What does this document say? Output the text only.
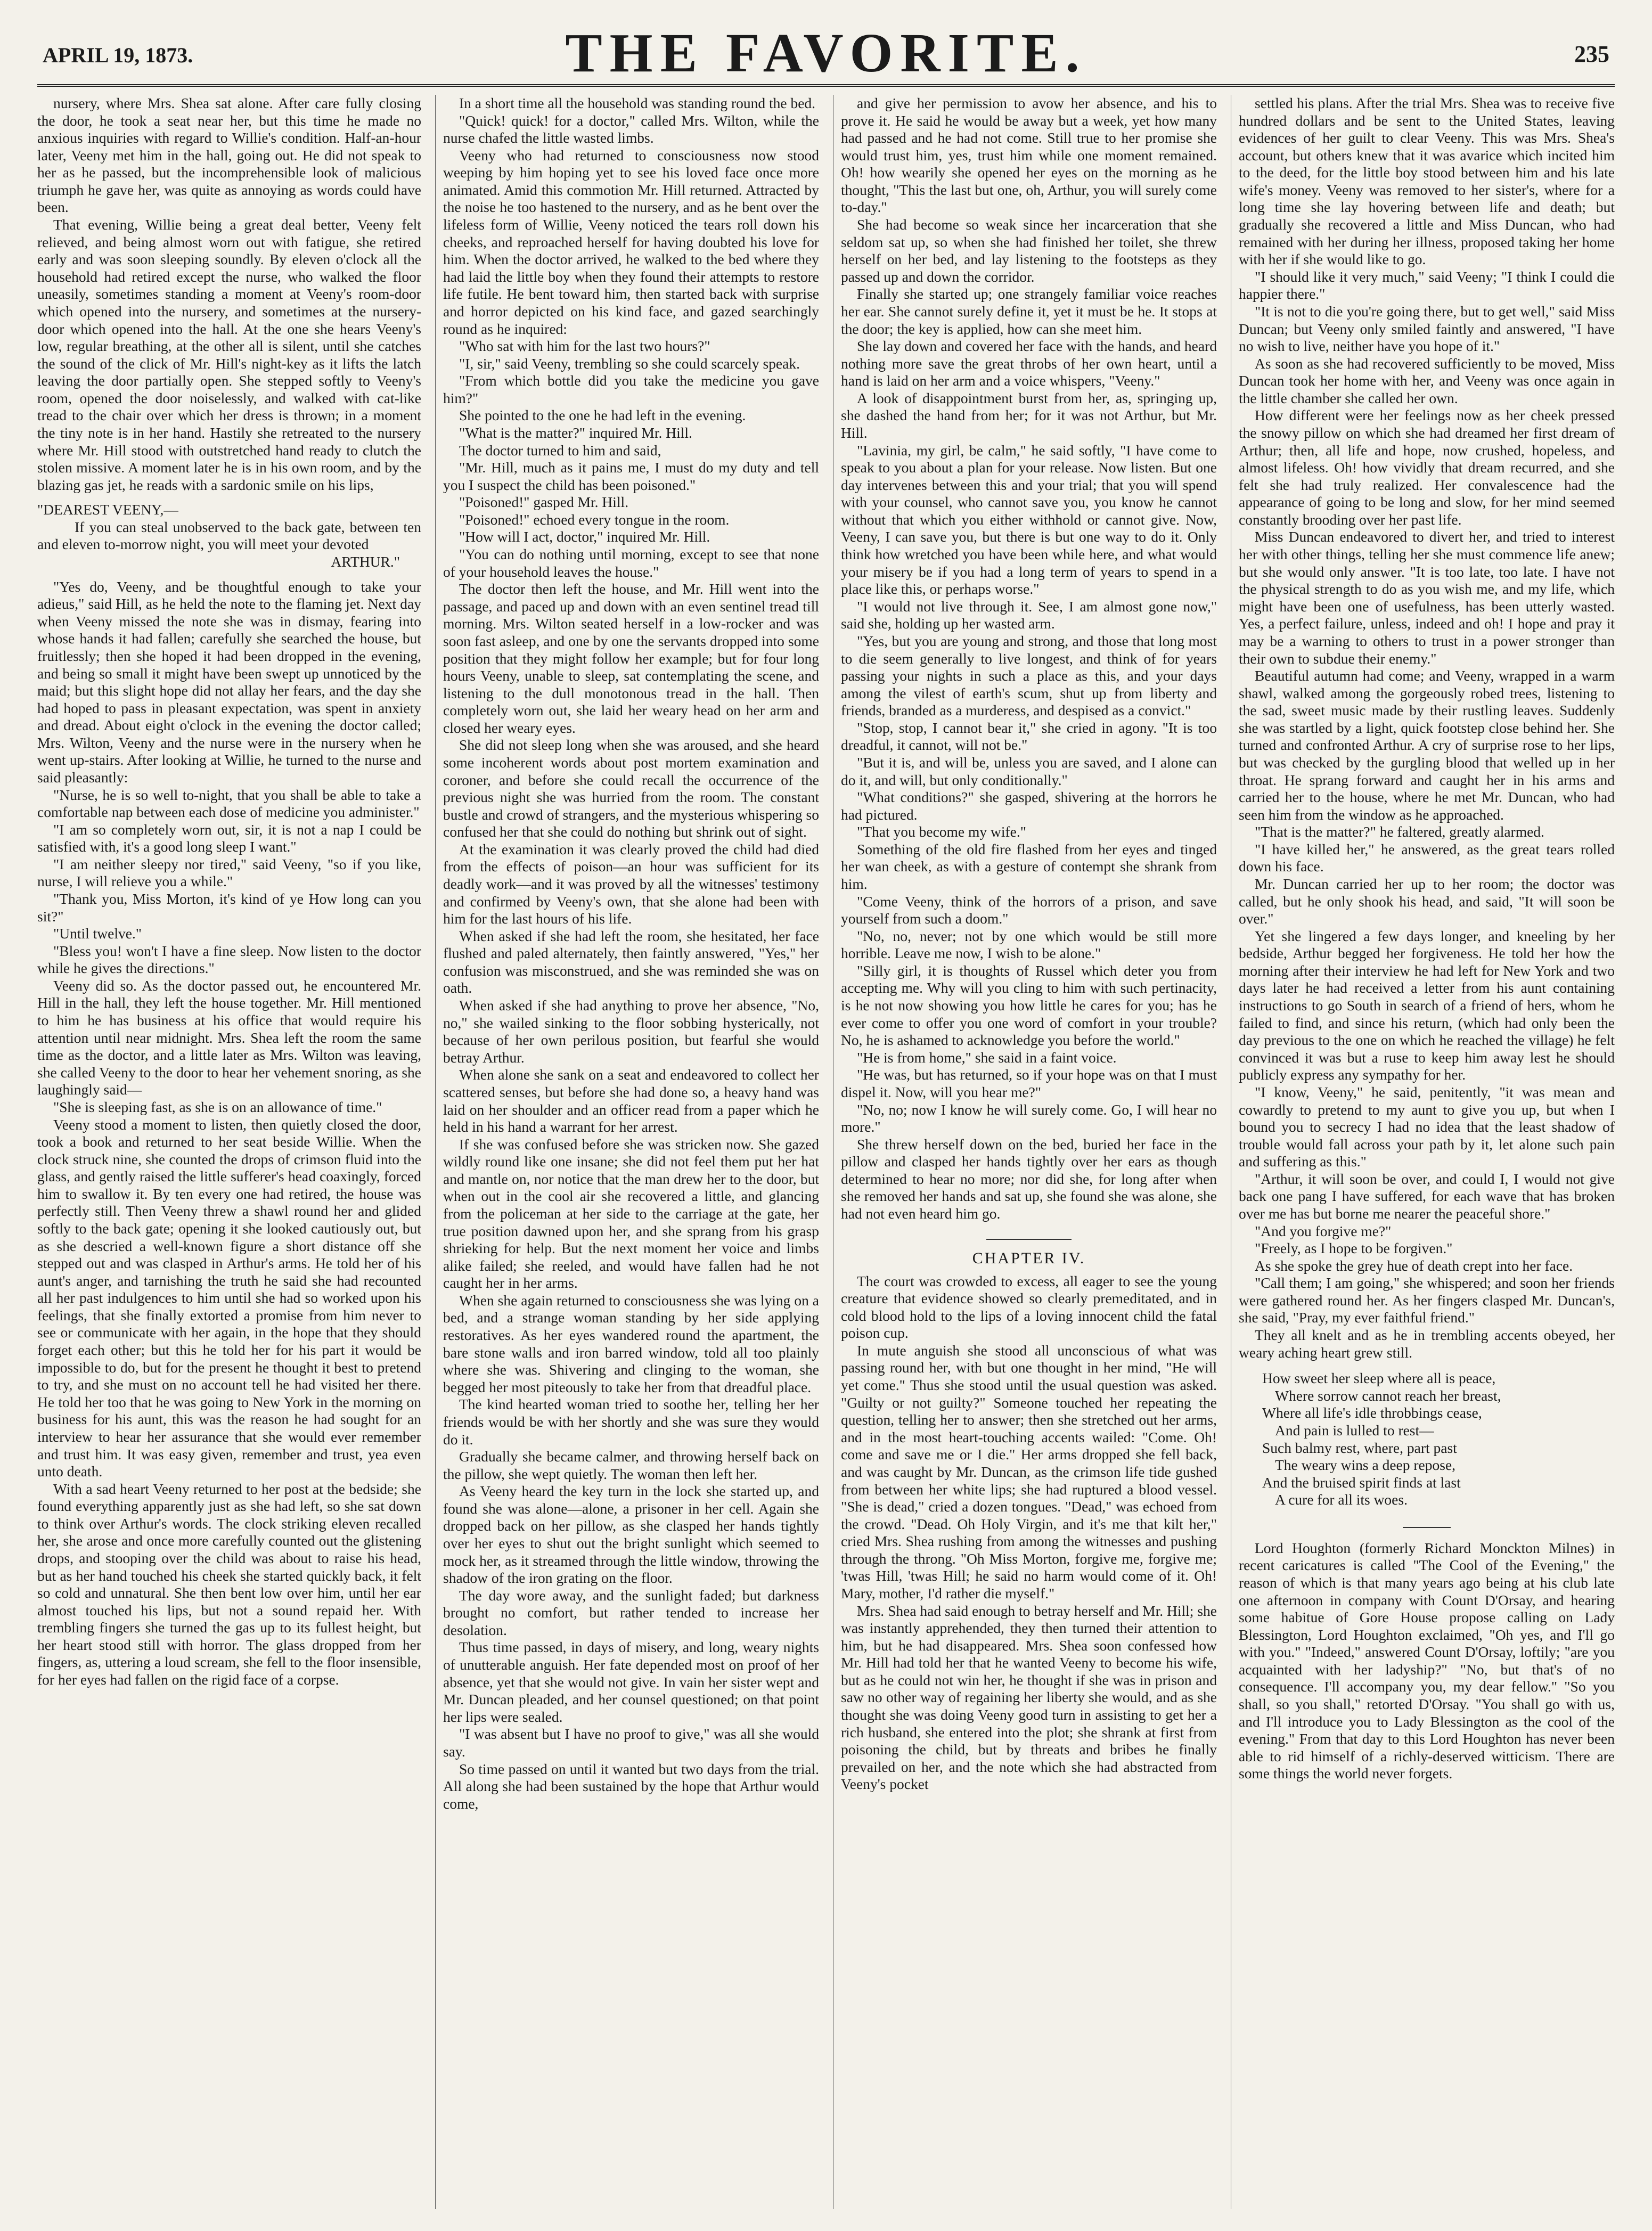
APRIL 19, 1873.	THE FAVORITE.	235

nursery, where Mrs. Shea sat alone. After care fully closing the door, he took a seat near her, but this time he made no anxious inquiries with regard to Willie's condition. Half-an-hour later, Veeny met him in the hall, going out. He did not speak to her as he passed, but the incomprehensible look of malicious triumph he gave her, was quite as annoying as words could have been.

That evening, Willie being a great deal better, Veeny felt relieved, and being almost worn out with fatigue, she retired early and was soon sleeping soundly. By eleven o'clock all the household had retired except the nurse, who walked the floor uneasily, sometimes standing a moment at Veeny's room-door which opened into the nursery, and sometimes at the nursery-door which opened into the hall. At the one she hears Veeny's low, regular breathing, at the other all is silent, until she catches the sound of the click of Mr. Hill's night-key as it lifts the latch leaving the door partially open. She stepped softly to Veeny's room, opened the door noiselessly, and walked with cat-like tread to the chair over which her dress is thrown; in a moment the tiny note is in her hand. Hastily she retreated to the nursery where Mr. Hill stood with outstretched hand ready to clutch the stolen missive. A moment later he is in his own room, and by the blazing gas jet, he reads with a sardonic smile on his lips,

"DEAREST VEENY,—

If you can steal unobserved to the back gate, between ten and eleven to-morrow night, you will meet your devoted

ARTHUR."

"Yes do, Veeny, and be thoughtful enough to take your adieus," said Hill, as he held the note to the flaming jet. Next day when Veeny missed the note she was in dismay, fearing into whose hands it had fallen; carefully she searched the house, but fruitlessly; then she hoped it had been dropped in the evening, and being so small it might have been swept up unnoticed by the maid; but this slight hope did not allay her fears, and the day she had hoped to pass in pleasant expectation, was spent in anxiety and dread. About eight o'clock in the evening the doctor called; Mrs. Wilton, Veeny and the nurse were in the nursery when he went up-stairs. After looking at Willie, he turned to the nurse and said pleasantly:

"Nurse, he is so well to-night, that you shall be able to take a comfortable nap between each dose of medicine you administer."

"I am so completely worn out, sir, it is not a nap I could be satisfied with, it's a good long sleep I want."

"I am neither sleepy nor tired," said Veeny, "so if you like, nurse, I will relieve you a while."

"Thank you, Miss Morton, it's kind of ye How long can you sit?"

"Until twelve."

"Bless you! won't I have a fine sleep. Now listen to the doctor while he gives the directions."

Veeny did so. As the doctor passed out, he encountered Mr. Hill in the hall, they left the house together. Mr. Hill mentioned to him he has business at his office that would require his attention until near midnight. Mrs. Shea left the room the same time as the doctor, and a little later as Mrs. Wilton was leaving, she called Veeny to the door to hear her vehement snoring, as she laughingly said—

"She is sleeping fast, as she is on an allowance of time."

Veeny stood a moment to listen, then quietly closed the door, took a book and returned to her seat beside Willie. When the clock struck nine, she counted the drops of crimson fluid into the glass, and gently raised the little sufferer's head coaxingly, forced him to swallow it. By ten every one had retired, the house was perfectly still. Then Veeny threw a shawl round her and glided softly to the back gate; opening it she looked cautiously out, but as she descried a well-known figure a short distance off she stepped out and was clasped in Arthur's arms. He told her of his aunt's anger, and tarnishing the truth he said she had recounted all her past indulgences to him until she had so worked upon his feelings, that she finally extorted a promise from him never to see or communicate with her again, in the hope that they should forget each other; but this he told her for his part it would be impossible to do, but for the present he thought it best to pretend to try, and she must on no account tell he had visited her there. He told her too that he was going to New York in the morning on business for his aunt, this was the reason he had sought for an interview to hear her assurance that she would ever remember and trust him. It was easy given, remember and trust, yea even unto death.

With a sad heart Veeny returned to her post at the bedside; she found everything apparently just as she had left, so she sat down to think over Arthur's words. The clock striking eleven recalled her, she arose and once more carefully counted out the glistening drops, and stooping over the child was about to raise his head, but as her hand touched his cheek she started quickly back, it felt so cold and unnatural. She then bent low over him, until her ear almost touched his lips, but not a sound repaid her. With trembling fingers she turned the gas up to its fullest height, but her heart stood still with horror. The glass dropped from her fingers, as, uttering a loud scream, she fell to the floor insensible, for her eyes had fallen on the rigid face of a corpse.

In a short time all the household was standing round the bed.

"Quick! quick! for a doctor," called Mrs. Wilton, while the nurse chafed the little wasted limbs.

Veeny who had returned to consciousness now stood weeping by him hoping yet to see his loved face once more animated. Amid this commotion Mr. Hill returned. Attracted by the noise he too hastened to the nursery, and as he bent over the lifeless form of Willie, Veeny noticed the tears roll down his cheeks, and reproached herself for having doubted his love for him. When the doctor arrived, he walked to the bed where they had laid the little boy when they found their attempts to restore life futile. He bent toward him, then started back with surprise and horror depicted on his kind face, and gazed searchingly round as he inquired:

"Who sat with him for the last two hours?"

"I, sir," said Veeny, trembling so she could scarcely speak.

"From which bottle did you take the medicine you gave him?"

She pointed to the one he had left in the evening.

"What is the matter?" inquired Mr. Hill.

The doctor turned to him and said,

"Mr. Hill, much as it pains me, I must do my duty and tell you I suspect the child has been poisoned."

"Poisoned!" gasped Mr. Hill.

"Poisoned!" echoed every tongue in the room.

"How will I act, doctor," inquired Mr. Hill.

"You can do nothing until morning, except to see that none of your household leaves the house."

The doctor then left the house, and Mr. Hill went into the passage, and paced up and down with an even sentinel tread till morning. Mrs. Wilton seated herself in a low-rocker and was soon fast asleep, and one by one the servants dropped into some position that they might follow her example; but for four long hours Veeny, unable to sleep, sat contemplating the scene, and listening to the dull monotonous tread in the hall. Then completely worn out, she laid her weary head on her arm and closed her weary eyes.

She did not sleep long when she was aroused, and she heard some incoherent words about post mortem examination and coroner, and before she could recall the occurrence of the previous night she was hurried from the room. The constant bustle and crowd of strangers, and the mysterious whispering so confused her that she could do nothing but shrink out of sight.

At the examination it was clearly proved the child had died from the effects of poison—an hour was sufficient for its deadly work—and it was proved by all the witnesses' testimony and confirmed by Veeny's own, that she alone had been with him for the last hours of his life.

When asked if she had left the room, she hesitated, her face flushed and paled alternately, then faintly answered, "Yes," her confusion was misconstrued, and she was reminded she was on oath.

When asked if she had anything to prove her absence, "No, no," she wailed sinking to the floor sobbing hysterically, not because of her own perilous position, but fearful she would betray Arthur.

When alone she sank on a seat and endeavored to collect her scattered senses, but before she had done so, a heavy hand was laid on her shoulder and an officer read from a paper which he held in his hand a warrant for her arrest.

If she was confused before she was stricken now. She gazed wildly round like one insane; she did not feel them put her hat and mantle on, nor notice that the man drew her to the door, but when out in the cool air she recovered a little, and glancing from the policeman at her side to the carriage at the gate, her true position dawned upon her, and she sprang from his grasp shrieking for help. But the next moment her voice and limbs alike failed; she reeled, and would have fallen had he not caught her in her arms.

When she again returned to consciousness she was lying on a bed, and a strange woman standing by her side applying restoratives. As her eyes wandered round the apartment, the bare stone walls and iron barred window, told all too plainly where she was. Shivering and clinging to the woman, she begged her most piteously to take her from that dreadful place.

The kind hearted woman tried to soothe her, telling her her friends would be with her shortly and she was sure they would do it.

Gradually she became calmer, and throwing herself back on the pillow, she wept quietly. The woman then left her.

As Veeny heard the key turn in the lock she started up, and found she was alone—alone, a prisoner in her cell. Again she dropped back on her pillow, as she clasped her hands tightly over her eyes to shut out the bright sunlight which seemed to mock her, as it streamed through the little window, throwing the shadow of the iron grating on the floor.

The day wore away, and the sunlight faded; but darkness brought no comfort, but rather tended to increase her desolation.

Thus time passed, in days of misery, and long, weary nights of unutterable anguish. Her fate depended most on proof of her absence, yet that she would not give. In vain her sister wept and Mr. Duncan pleaded, and her counsel questioned; on that point her lips were sealed.

"I was absent but I have no proof to give," was all she would say.

So time passed on until it wanted but two days from the trial. All along she had been sustained by the hope that Arthur would come,

and give her permission to avow her absence, and his to prove it. He said he would be away but a week, yet how many had passed and he had not come. Still true to her promise she would trust him, yes, trust him while one moment remained. Oh! how wearily she opened her eyes on the morning as he thought, "This the last but one, oh, Arthur, you will surely come to-day."

She had become so weak since her incarceration that she seldom sat up, so when she had finished her toilet, she threw herself on her bed, and lay listening to the footsteps as they passed up and down the corridor.

Finally she started up; one strangely familiar voice reaches her ear. She cannot surely define it, yet it must be he. It stops at the door; the key is applied, how can she meet him.

She lay down and covered her face with the hands, and heard nothing more save the great throbs of her own heart, until a hand is laid on her arm and a voice whispers, "Veeny."

A look of disappointment burst from her, as, springing up, she dashed the hand from her; for it was not Arthur, but Mr. Hill.

"Lavinia, my girl, be calm," he said softly, "I have come to speak to you about a plan for your release. Now listen. But one day intervenes between this and your trial; that you will spend with your counsel, who cannot save you, you know he cannot without that which you either withhold or cannot give. Now, Veeny, I can save you, but there is but one way to do it. Only think how wretched you have been while here, and what would your misery be if you had a long term of years to spend in a place like this, or perhaps worse."

"I would not live through it. See, I am almost gone now," said she, holding up her wasted arm.

"Yes, but you are young and strong, and those that long most to die seem generally to live longest, and think of for years passing your nights in such a place as this, and your days among the vilest of earth's scum, shut up from liberty and friends, branded as a murderess, and despised as a convict."

"Stop, stop, I cannot bear it," she cried in agony. "It is too dreadful, it cannot, will not be."

"But it is, and will be, unless you are saved, and I alone can do it, and will, but only conditionally."

"What conditions?" she gasped, shivering at the horrors he had pictured.

"That you become my wife."

Something of the old fire flashed from her eyes and tinged her wan cheek, as with a gesture of contempt she shrank from him.

"Come Veeny, think of the horrors of a prison, and save yourself from such a doom."

"No, no, never; not by one which would be still more horrible. Leave me now, I wish to be alone."

"Silly girl, it is thoughts of Russel which deter you from accepting me. Why will you cling to him with such pertinacity, is he not now showing you how little he cares for you; has he ever come to offer you one word of comfort in your trouble? No, he is ashamed to acknowledge you before the world."

"He is from home," she said in a faint voice.

"He was, but has returned, so if your hope was on that I must dispel it. Now, will you hear me?"

"No, no; now I know he will surely come. Go, I will hear no more."

She threw herself down on the bed, buried her face in the pillow and clasped her hands tightly over her ears as though determined to hear no more; nor did she, for long after when she removed her hands and sat up, she found she was alone, she had not even heard him go.

CHAPTER IV.

The court was crowded to excess, all eager to see the young creature that evidence showed so clearly premeditated, and in cold blood hold to the lips of a loving innocent child the fatal poison cup.

In mute anguish she stood all unconscious of what was passing round her, with but one thought in her mind, "He will yet come." Thus she stood until the usual question was asked. "Guilty or not guilty?" Someone touched her repeating the question, telling her to answer; then she stretched out her arms, and in the most heart-touching accents wailed: "Come. Oh! come and save me or I die." Her arms dropped she fell back, and was caught by Mr. Duncan, as the crimson life tide gushed from between her white lips; she had ruptured a blood vessel. "She is dead," cried a dozen tongues. "Dead," was echoed from the crowd. "Dead. Oh Holy Virgin, and it's me that kilt her," cried Mrs. Shea rushing from among the witnesses and pushing through the throng. "Oh Miss Morton, forgive me, forgive me; 'twas Hill, 'twas Hill; he said no harm would come of it. Oh! Mary, mother, I'd rather die myself."

Mrs. Shea had said enough to betray herself and Mr. Hill; she was instantly apprehended, they then turned their attention to him, but he had disappeared. Mrs. Shea soon confessed how Mr. Hill had told her that he wanted Veeny to become his wife, but as he could not win her, he thought if she was in prison and saw no other way of regaining her liberty she would, and as she thought she was doing Veeny good turn in assisting to get her a rich husband, she entered into the plot; she shrank at first from poisoning the child, but by threats and bribes he finally prevailed on her, and the note which she had abstracted from Veeny's pocket

settled his plans. After the trial Mrs. Shea was to receive five hundred dollars and be sent to the United States, leaving evidences of her guilt to clear Veeny. This was Mrs. Shea's account, but others knew that it was avarice which incited him to the deed, for the little boy stood between him and his late wife's money. Veeny was removed to her sister's, where for a long time she lay hovering between life and death; but gradually she recovered a little and Miss Duncan, who had remained with her during her illness, proposed taking her home with her if she would like to go.

"I should like it very much," said Veeny; "I think I could die happier there."

"It is not to die you're going there, but to get well," said Miss Duncan; but Veeny only smiled faintly and answered, "I have no wish to live, neither have you hope of it."

As soon as she had recovered sufficiently to be moved, Miss Duncan took her home with her, and Veeny was once again in the little chamber she called her own.

How different were her feelings now as her cheek pressed the snowy pillow on which she had dreamed her first dream of Arthur; then, all life and hope, now crushed, hopeless, and almost lifeless. Oh! how vividly that dream recurred, and she felt she had truly realized. Her convalescence had the appearance of going to be long and slow, for her mind seemed constantly brooding over her past life.

Miss Duncan endeavored to divert her, and tried to interest her with other things, telling her she must commence life anew; but she would only answer. "It is too late, too late. I have not the physical strength to do as you wish me, and my life, which might have been one of usefulness, has been utterly wasted. Yes, a perfect failure, unless, indeed and oh! I hope and pray it may be a warning to others to trust in a power stronger than their own to subdue their enemy."

Beautiful autumn had come; and Veeny, wrapped in a warm shawl, walked among the gorgeously robed trees, listening to the sad, sweet music made by their rustling leaves. Suddenly she was startled by a light, quick footstep close behind her. She turned and confronted Arthur. A cry of surprise rose to her lips, but was checked by the gurgling blood that welled up in her throat. He sprang forward and caught her in his arms and carried her to the house, where he met Mr. Duncan, who had seen him from the window as he approached.

"That is the matter?" he faltered, greatly alarmed.

"I have killed her," he answered, as the great tears rolled down his face.

Mr. Duncan carried her up to her room; the doctor was called, but he only shook his head, and said, "It will soon be over."

Yet she lingered a few days longer, and kneeling by her bedside, Arthur begged her forgiveness. He told her how the morning after their interview he had left for New York and two days later he had received a letter from his aunt containing instructions to go South in search of a friend of hers, whom he failed to find, and since his return, (which had only been the day previous to the one on which he reached the village) he felt convinced it was but a ruse to keep him away lest he should publicly express any sympathy for her.

"I know, Veeny," he said, penitently, "it was mean and cowardly to pretend to my aunt to give you up, but when I bound you to secrecy I had no idea that the least shadow of trouble would fall across your path by it, let alone such pain and suffering as this."

"Arthur, it will soon be over, and could I, I would not give back one pang I have suffered, for each wave that has broken over me has but borne me nearer the peaceful shore."

"And you forgive me?"

"Freely, as I hope to be forgiven."

As she spoke the grey hue of death crept into her face.

"Call them; I am going," she whispered; and soon her friends were gathered round her. As her fingers clasped Mr. Duncan's, she said, "Pray, my ever faithful friend."

They all knelt and as he in trembling accents obeyed, her weary aching heart grew still.

How sweet her sleep where all is peace,
Where sorrow cannot reach her breast,
Where all life's idle throbbings cease,
And pain is lulled to rest—
Such balmy rest, where, part past
The weary wins a deep repose,
And the bruised spirit finds at last
A cure for all its woes.

Lord Houghton (formerly Richard Monckton Milnes) in recent caricatures is called "The Cool of the Evening," the reason of which is that many years ago being at his club late one afternoon in company with Count D'Orsay, and hearing some habitue of Gore House propose calling on Lady Blessington, Lord Houghton exclaimed, "Oh yes, and I'll go with you." "Indeed," answered Count D'Orsay, loftily; "are you acquainted with her ladyship?" "No, but that's of no consequence. I'll accompany you, my dear fellow." "So you shall, so you shall," retorted D'Orsay. "You shall go with us, and I'll introduce you to Lady Blessington as the cool of the evening." From that day to this Lord Houghton has never been able to rid himself of a richly-deserved witticism. There are some things the world never forgets.
